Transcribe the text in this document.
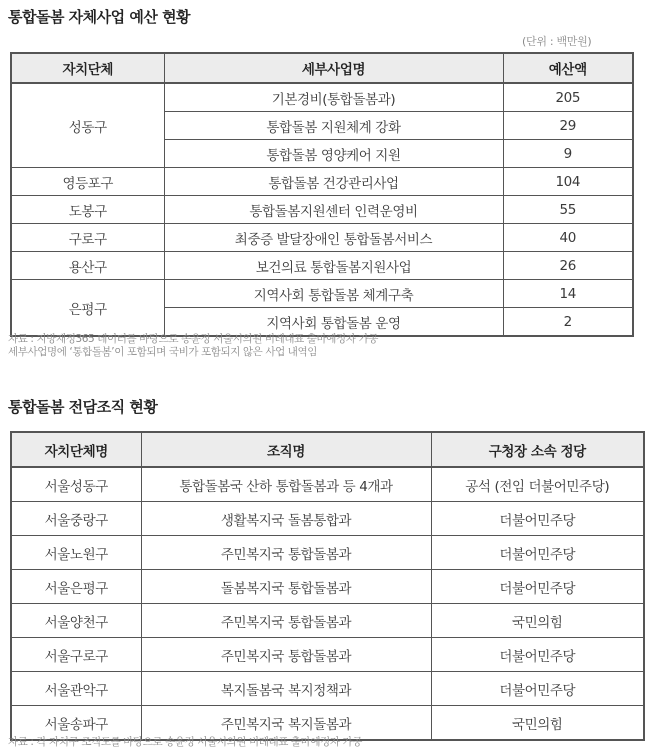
통합돌봄 자체사업 예산 현황
(단위 : 백만원)
자치단체	세부사업명	예산액
성동구	기본경비(통합돌봄과)	205
	통합돌봄 지원체계 강화	29
	통합돌봄 영양케어 지원	9
영등포구	통합돌봄 건강관리사업	104
도봉구	통합돌봄지원센터 인력운영비	55
구로구	최중증 발달장애인 통합돌봄서비스	40
용산구	보건의료 통합돌봄지원사업	26
은평구	지역사회 통합돌봄 체계구축	14
	지역사회 통합돌봄 운영	2
자료 : 지방재정365 데이터를 바탕으로 송윤정 서울시의원 비례대표 출마예정자 가공
세부사업명에 ‘통합돌봄’이 포함되며 국비가 포함되지 않은 사업 내역임
통합돌봄 전담조직 현황
자치단체명	조직명	구청장 소속 정당
서울성동구	통합돌봄국 산하 통합돌봄과 등 4개과	공석 (전임 더불어민주당)
서울중랑구	생활복지국 돌봄통합과	더불어민주당
서울노원구	주민복지국 통합돌봄과	더불어민주당
서울은평구	돌봄복지국 통합돌봄과	더불어민주당
서울양천구	주민복지국 통합돌봄과	국민의힘
서울구로구	주민복지국 통합돌봄과	더불어민주당
서울관악구	복지돌봄국 복지정책과	더불어민주당
서울송파구	주민복지국 복지돌봄과	국민의힘
자료 : 각 자치구 조직도를 바탕으로 송윤정 서울시의원 비례대표 출마예정자 가공
